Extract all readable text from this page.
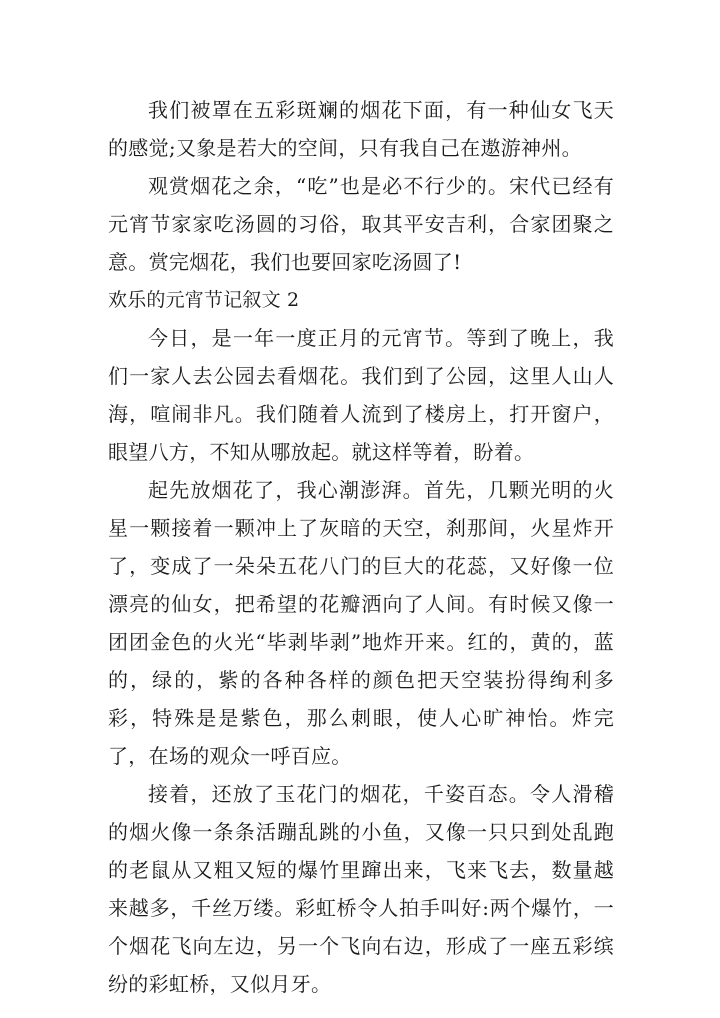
我们被罩在五彩斑斓的烟花下面，有一种仙女飞天的感觉;又象是若大的空间，只有我自己在遨游神州。

观赏烟花之余，“吃”也是必不行少的。宋代已经有元宵节家家吃汤圆的习俗，取其平安吉利，合家团聚之意。赏完烟花，我们也要回家吃汤圆了!

欢乐的元宵节记叙文 2

今日，是一年一度正月的元宵节。等到了晚上，我们一家人去公园去看烟花。我们到了公园，这里人山人海，喧闹非凡。我们随着人流到了楼房上，打开窗户，眼望八方，不知从哪放起。就这样等着，盼着。

起先放烟花了，我心潮澎湃。首先，几颗光明的火星一颗接着一颗冲上了灰暗的天空，刹那间，火星炸开了，变成了一朵朵五花八门的巨大的花蕊，又好像一位漂亮的仙女，把希望的花瓣洒向了人间。有时候又像一团团金色的火光“毕剥毕剥”地炸开来。红的，黄的，蓝的，绿的，紫的各种各样的颜色把天空装扮得绚利多彩，特殊是是紫色，那么刺眼，使人心旷神怡。炸完了，在场的观众一呼百应。

接着，还放了玉花门的烟花，千姿百态。令人滑稽的烟火像一条条活蹦乱跳的小鱼，又像一只只到处乱跑的老鼠从又粗又短的爆竹里蹿出来，飞来飞去，数量越来越多，千丝万缕。彩虹桥令人拍手叫好:两个爆竹，一个烟花飞向左边，另一个飞向右边，形成了一座五彩缤纷的彩虹桥，又似月牙。
